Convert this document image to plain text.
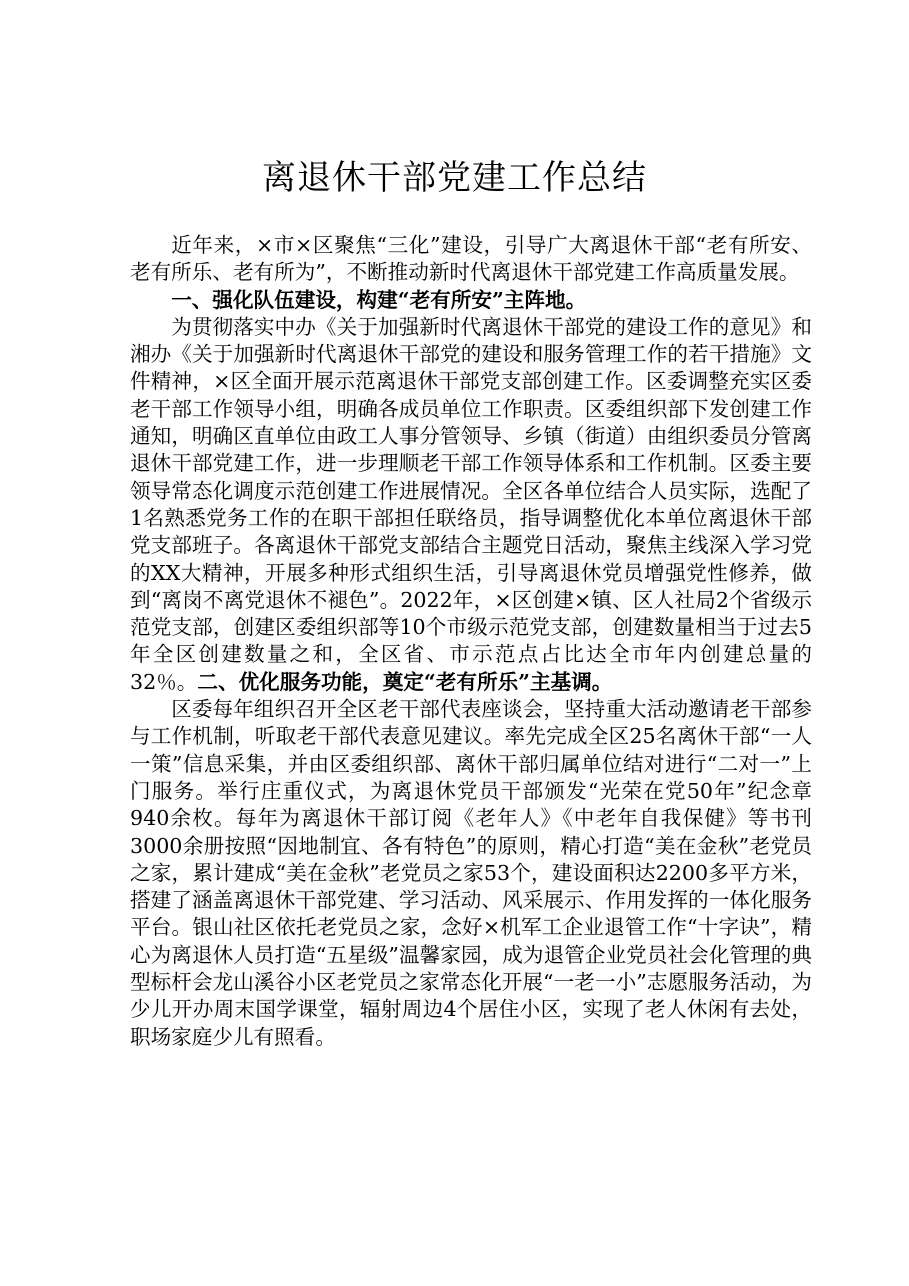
离退休干部党建工作总结

近年来，×市×区聚焦“三化”建设，引导广大离退休干部“老有所安、老有所乐、老有所为”，不断推动新时代离退休干部党建工作高质量发展。

一、强化队伍建设，构建“老有所安”主阵地。

为贯彻落实中办《关于加强新时代离退休干部党的建设工作的意见》和湘办《关于加强新时代离退休干部党的建设和服务管理工作的若干措施》文件精神，×区全面开展示范离退休干部党支部创建工作。区委调整充实区委老干部工作领导小组，明确各成员单位工作职责。区委组织部下发创建工作通知，明确区直单位由政工人事分管领导、乡镇（街道）由组织委员分管离退休干部党建工作，进一步理顺老干部工作领导体系和工作机制。区委主要领导常态化调度示范创建工作进展情况。全区各单位结合人员实际，选配了1名熟悉党务工作的在职干部担任联络员，指导调整优化本单位离退休干部党支部班子。各离退休干部党支部结合主题党日活动，聚焦主线深入学习党的XX大精神，开展多种形式组织生活，引导离退休党员增强党性修养，做到“离岗不离党退休不褪色”。2022年，×区创建×镇、区人社局2个省级示范党支部，创建区委组织部等10个市级示范党支部，创建数量相当于过去5年全区创建数量之和，全区省、市示范点占比达全市年内创建总量的32％。二、优化服务功能，奠定“老有所乐”主基调。

区委每年组织召开全区老干部代表座谈会，坚持重大活动邀请老干部参与工作机制，听取老干部代表意见建议。率先完成全区25名离休干部“一人一策”信息采集，并由区委组织部、离休干部归属单位结对进行“二对一”上门服务。举行庄重仪式，为离退休党员干部颁发“光荣在党50年”纪念章940余枚。每年为离退休干部订阅《老年人》《中老年自我保健》等书刊3000余册按照“因地制宜、各有特色”的原则，精心打造“美在金秋”老党员之家，累计建成“美在金秋”老党员之家53个，建设面积达2200多平方米，搭建了涵盖离退休干部党建、学习活动、风采展示、作用发挥的一体化服务平台。银山社区依托老党员之家，念好×机军工企业退管工作“十字诀”，精心为离退休人员打造“五星级”温馨家园，成为退管企业党员社会化管理的典型标杆会龙山溪谷小区老党员之家常态化开展“一老一小”志愿服务活动，为少儿开办周末国学课堂，辐射周边4个居住小区，实现了老人休闲有去处，职场家庭少儿有照看。
